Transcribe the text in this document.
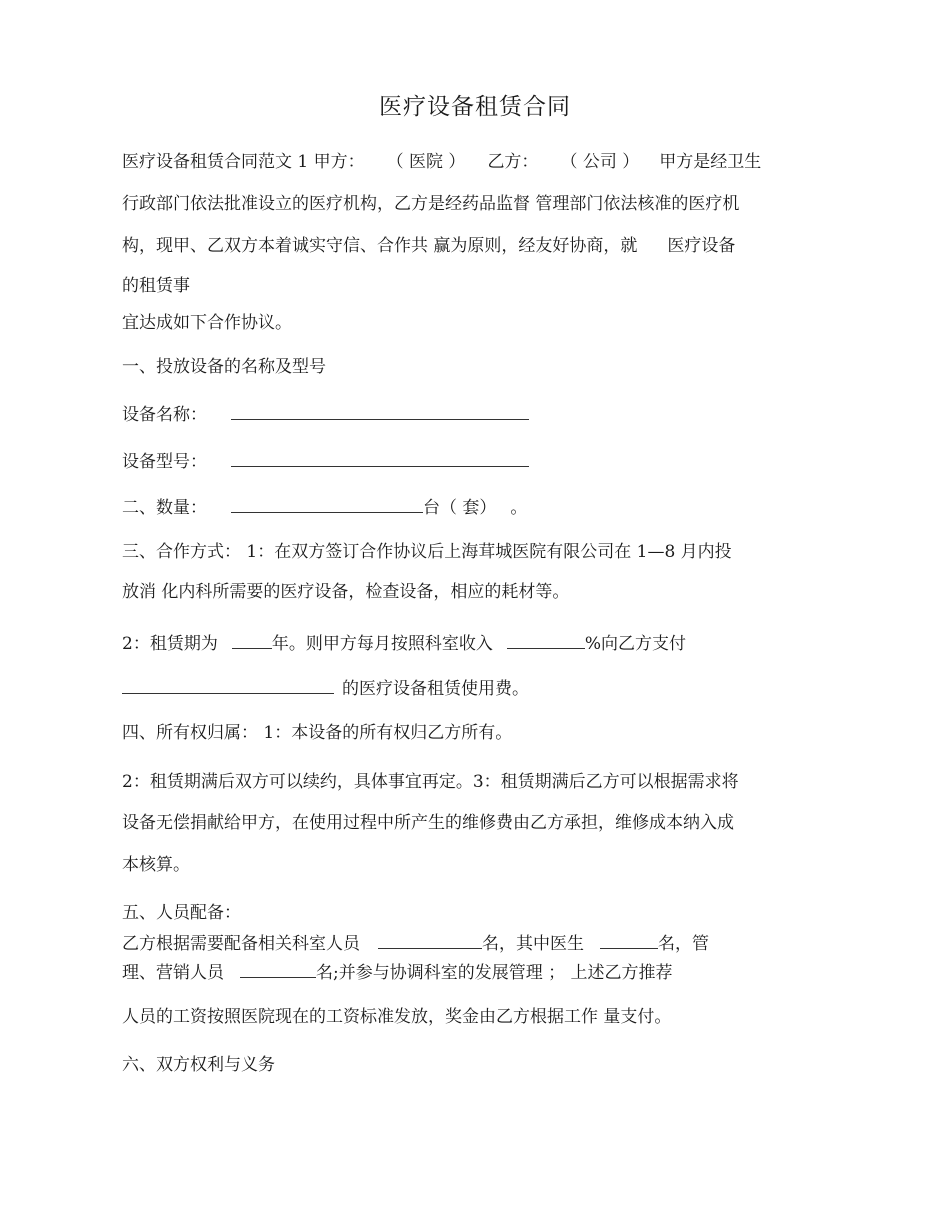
医疗设备租赁合同
医疗设备租赁合同范文 1 甲方： （ 医院 ） 乙方： （ 公司 ） 甲方是经卫生
行政部门依法批准设立的医疗机构，乙方是经药品监督 管理部门依法核准的医疗机
构，现甲、乙双方本着诚实守信、合作共 赢为原则，经友好协商，就 医疗设备
的租赁事
宜达成如下合作协议。
一、投放设备的名称及型号
设备名称：
设备型号：
二、数量：	台（ 套） 。
三、合作方式： 1：在双方签订合作协议后上海茸城医院有限公司在 1—8 月内投
放消 化内科所需要的医疗设备，检查设备，相应的耗材等。
2：租赁期为	年。则甲方每月按照科室收入	%向乙方支付
的医疗设备租赁使用费。
四、所有权归属： 1：本设备的所有权归乙方所有。
2：租赁期满后双方可以续约，具体事宜再定。3：租赁期满后乙方可以根据需求将
设备无偿捐献给甲方，在使用过程中所产生的维修费由乙方承担，维修成本纳入成
本核算。
五、人员配备：
乙方根据需要配备相关科室人员	名，其中医生	名，管
理、营销人员	名;并参与协调科室的发展管理 ； 上述乙方推荐
人员的工资按照医院现在的工资标准发放，奖金由乙方根据工作 量支付。
六、双方权利与义务
